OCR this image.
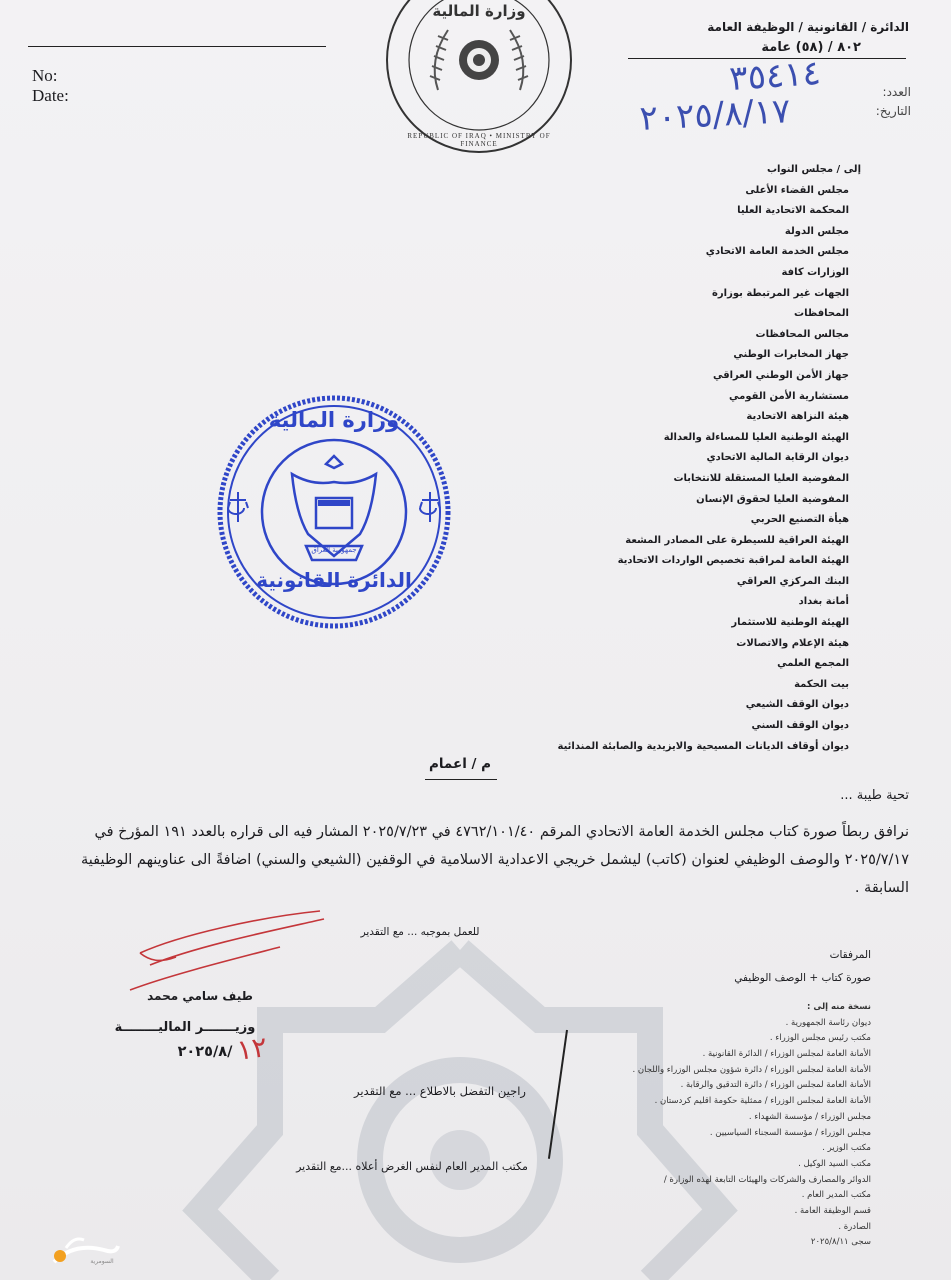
No:
Date:
وزارة المالية
REPUBLIC OF IRAQ • MINISTRY OF FINANCE
الدائرة / القانونية / الوظيفة العامة
٨٠٢ / (٥٨) عامة
العدد:
التاريخ:
٣٥٤١٤
٢٠٢٥/٨/١٧
إلى / مجلس النواب
مجلس القضاء الأعلى
المحكمة الاتحادية العليا
مجلس الدولة
مجلس الخدمة العامة الاتحادي
الوزارات كافة
الجهات غير المرتبطة بوزارة
المحافظات
مجالس المحافظات
جهاز المخابرات الوطني
جهاز الأمن الوطني العراقي
مستشارية الأمن القومي
هيئة النزاهة الاتحادية
الهيئة الوطنية العليا للمساءلة والعدالة
ديوان الرقابة المالية الاتحادي
المفوضية العليا المستقلة للانتخابات
المفوضية العليا لحقوق الإنسان
هيأة التصنيع الحربي
الهيئة العراقية للسيطرة على المصادر المشعة
الهيئة العامة لمراقبة تخصيص الواردات الاتحادية
البنك المركزي العراقي
أمانة بغداد
الهيئة الوطنية للاستثمار
هيئة الإعلام والاتصالات
المجمع العلمي
بيت الحكمة
ديوان الوقف الشيعي
ديوان الوقف السني
ديوان أوقاف الديانات المسيحية والايزيدية والصابئة المندائية
وزارة المالية
الدائرة القانونية
جمهورية العراق
م / اعمام
تحية طيبة ...
نرافق ربطاً صورة كتاب مجلس الخدمة العامة الاتحادي المرقم ٤٧٦٢/١٠١/٤٠ في ٢٠٢٥/٧/٢٣ المشار فيه الى قراره بالعدد ١٩١ المؤرخ في ٢٠٢٥/٧/١٧ والوصف الوظيفي لعنوان (كاتب) ليشمل خريجي الاعدادية الاسلامية في الوقفين (الشيعي والسني) اضافةً الى عناوينهم الوظيفية السابقة .
للعمل بموجبه ... مع التقدير
المرفقات
صورة كتاب + الوصف الوظيفي
طيف سامي محمد
وزيـــــــر الماليــــــــة
٢٠٢٥/٨/ ١٢
راجين التفضل بالاطلاع ... مع التقدير
مكتب المدير العام لنفس الغرض أعلاه ...مع التقدير
نسخة منه إلى :
ديوان رئاسة الجمهورية .
مكتب رئيس مجلس الوزراء .
الأمانة العامة لمجلس الوزراء / الدائرة القانونية .
الأمانة العامة لمجلس الوزراء / دائرة شؤون مجلس الوزراء واللجان .
الأمانة العامة لمجلس الوزراء / دائرة التدقيق والرقابة .
الأمانة العامة لمجلس الوزراء / ممثلية حكومة اقليم كردستان .
مجلس الوزراء / مؤسسة الشهداء .
مجلس الوزراء / مؤسسة السجناء السياسيين .
مكتب الوزير .
مكتب السيد الوكيل .
الدوائر والمصارف والشركات والهيئات التابعة لهذه الوزارة /
مكتب المدير العام .
قسم الوظيفة العامة .
الصادرة .
سجى ٢٠٢٥/٨/١١
السومرية
